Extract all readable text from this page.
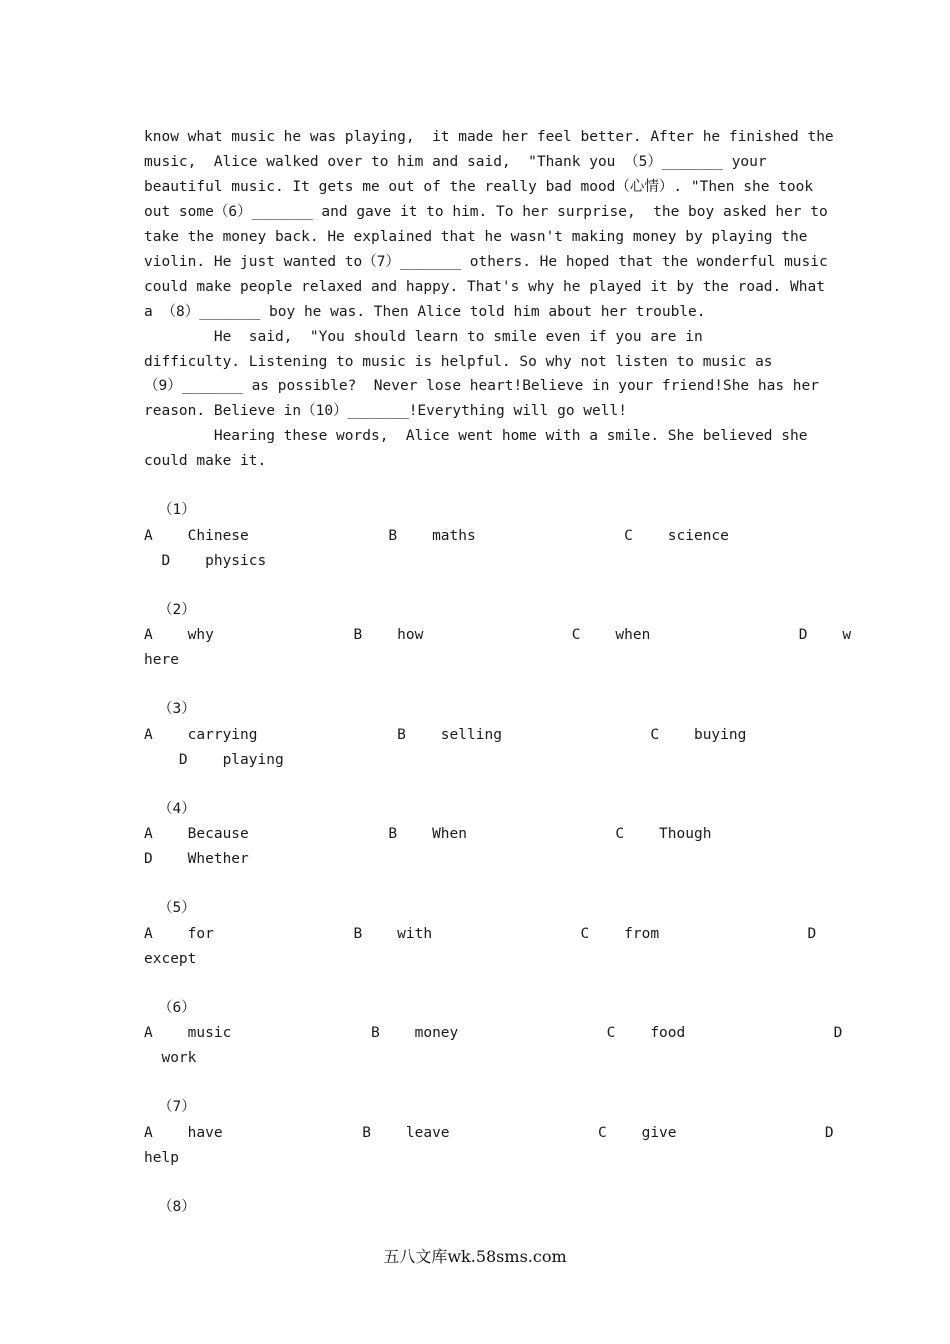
know what music he was playing,  it made her feel better. After he finished the
music,  Alice walked over to him and said,  "Thank you （5）_______ your
beautiful music. It gets me out of the really bad mood（心情）. "Then she took
out some（6）_______ and gave it to him. To her surprise,  the boy asked her to
take the money back. He explained that he wasn't making money by playing the
violin. He just wanted to（7）_______ others. He hoped that the wonderful music
could make people relaxed and happy. That's why he played it by the road. What
a （8）_______ boy he was. Then Alice told him about her trouble.
He  said,  "You should learn to smile even if you are in
difficulty. Listening to music is helpful. So why not listen to music as
（9）_______ as possible?  Never lose heart!Believe in your friend!She has her
reason. Believe in（10）_______!Everything will go well!
Hearing these words,  Alice went home with a smile. She believed she
could make it.
（1）
A    Chinese                B    maths                 C    science
D    physics
（2）
A    why                B    how                 C    when                 D    w
here
（3）
A    carrying                B    selling                 C    buying
D    playing
（4）
A    Because                B    When                 C    Though
D    Whether
（5）
A    for                B    with                 C    from                 D
except
（6）
A    music                B    money                 C    food                 D
work
（7）
A    have                B    leave                 C    give                 D
help
（8）
五八文库wk.58sms.com
